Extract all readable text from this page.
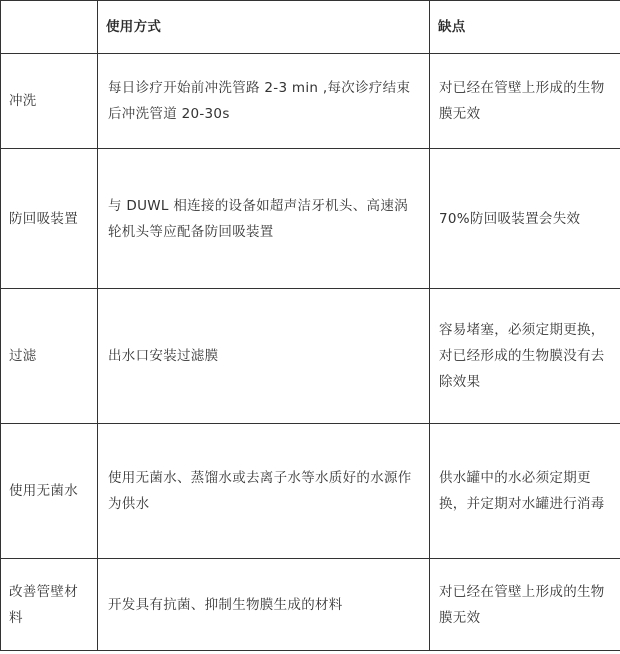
	使用方式	缺点
冲洗	每日诊疗开始前冲洗管路 2-3 min ,每次诊疗结束后冲洗管道 20-30s	对已经在管壁上形成的生物膜无效
防回吸装置	与 DUWL 相连接的设备如超声洁牙机头、高速涡轮机头等应配备防回吸装置	70%防回吸装置会失效
过滤	出水口安装过滤膜	容易堵塞，必须定期更换，对已经形成的生物膜没有去除效果
使用无菌水	使用无菌水、蒸馏水或去离子水等水质好的水源作为供水	供水罐中的水必须定期更换，并定期对水罐进行消毒
改善管壁材料	开发具有抗菌、抑制生物膜生成的材料	对已经在管壁上形成的生物膜无效
